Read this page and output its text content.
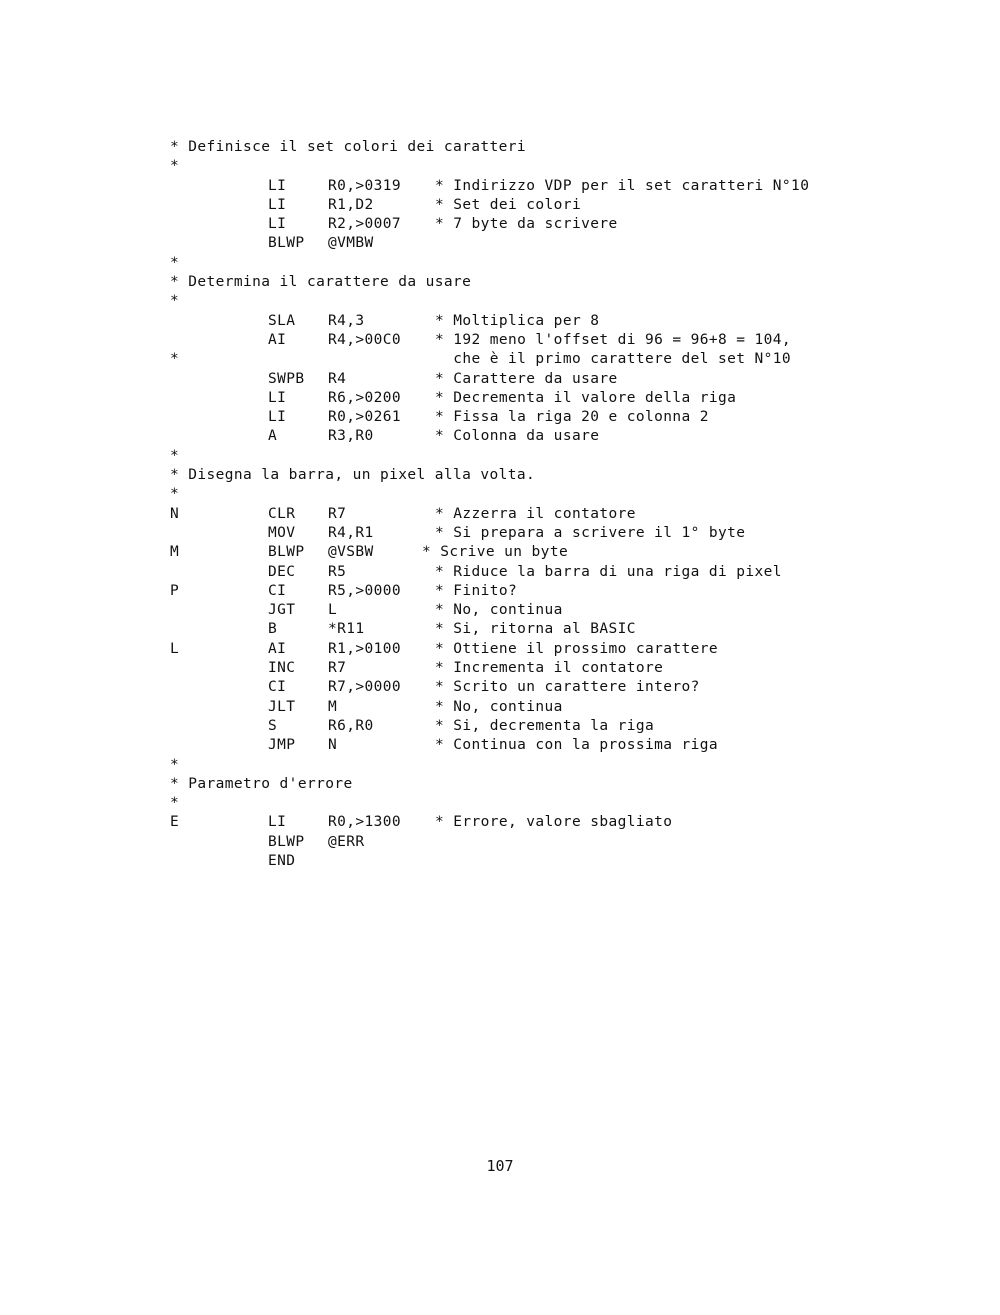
* Definisce il set colori dei caratteri
*
LI	R0,>0319 * Indirizzo VDP per il set caratteri N°10
LI	R1,D2	* Set dei colori
LI	R2,>0007 * 7 byte da scrivere
BLWP @VMBW
*
* Determina il carattere da usare
*
SLA R4,3	* Moltiplica per 8
AI	R4,>00C0 * 192 meno l'offset di 96 = 96+8 = 104,
*	che è il primo carattere del set N°10
SWPB R4	* Carattere da usare
LI	R6,>0200 * Decrementa il valore della riga
LI	R0,>0261 * Fissa la riga 20 e colonna 2
A	R3,R0	* Colonna da usare
*
* Disegna la barra, un pixel alla volta.
*
N	CLR R7	* Azzerra il contatore
MOV R4,R1	* Si prepara a scrivere il 1° byte
M	BLWP @VSBW	* Scrive un byte
DEC R5	* Riduce la barra di una riga di pixel
P	CI	R5,>0000 * Finito?
JGT L	* No, continua
B	*R11	* Si, ritorna al BASIC
L	AI	R1,>0100 * Ottiene il prossimo carattere
INC R7	* Incrementa il contatore
CI	R7,>0000 * Scrito un carattere intero?
JLT M	* No, continua
S	R6,R0	* Si, decrementa la riga
JMP N	* Continua con la prossima riga
*
* Parametro d'errore
*
E	LI	R0,>1300 * Errore, valore sbagliato
BLWP @ERR
END
107
